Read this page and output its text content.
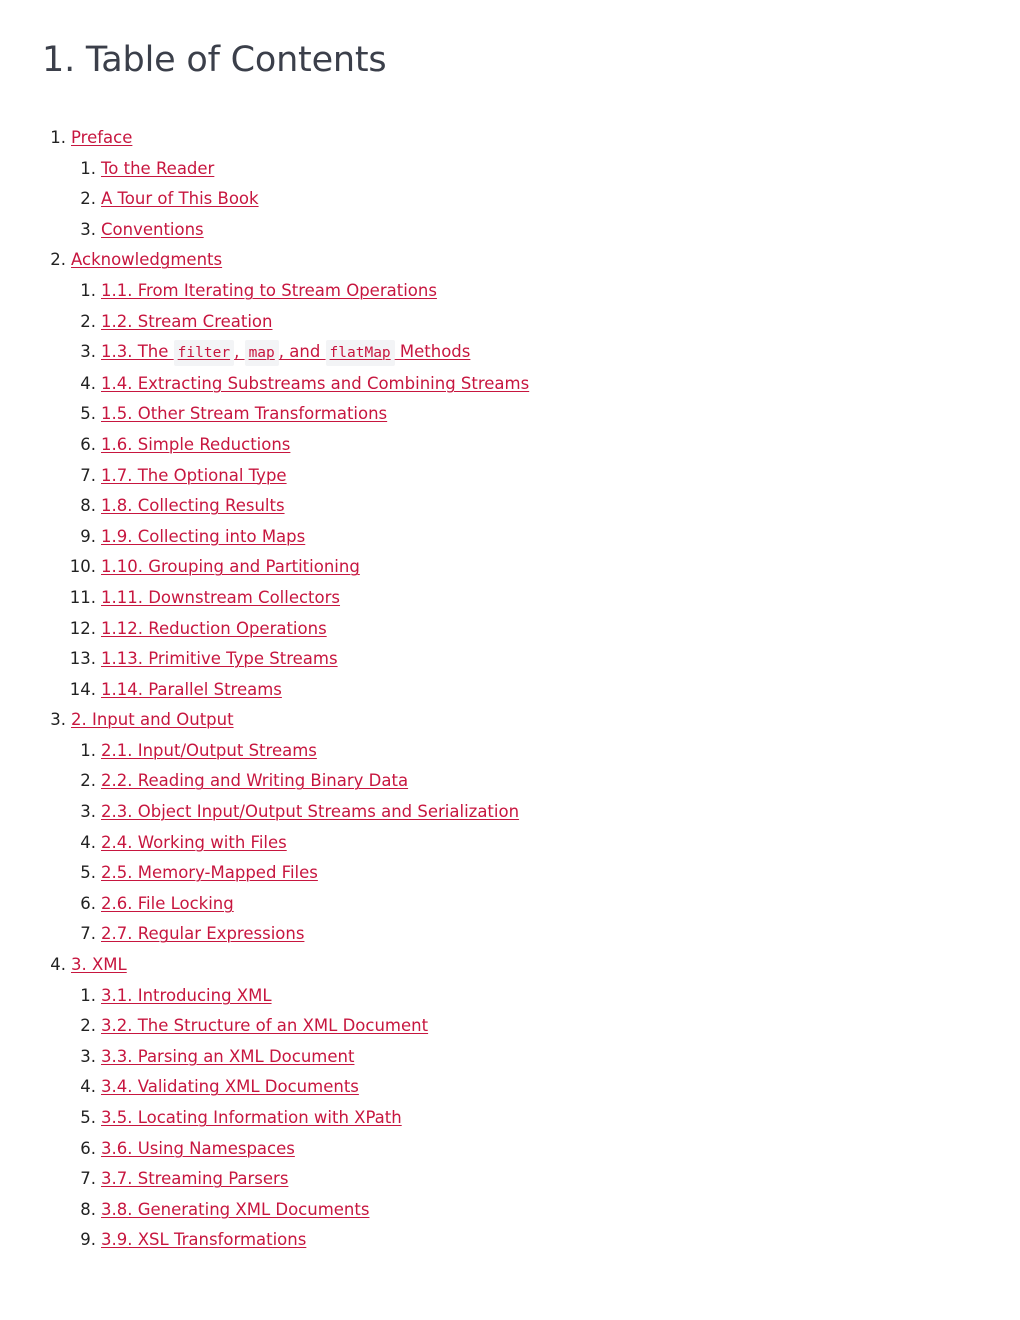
1. Table of Contents
1. Preface
1. To the Reader
2. A Tour of This Book
3. Conventions
2. Acknowledgments
1. 1.1. From Iterating to Stream Operations
2. 1.2. Stream Creation
3. 1.3. The filter , map , and flatMap Methods
4. 1.4. Extracting Substreams and Combining Streams
5. 1.5. Other Stream Transformations
6. 1.6. Simple Reductions
7. 1.7. The Optional Type
8. 1.8. Collecting Results
9. 1.9. Collecting into Maps
10. 1.10. Grouping and Partitioning
11. 1.11. Downstream Collectors
12. 1.12. Reduction Operations
13. 1.13. Primitive Type Streams
14. 1.14. Parallel Streams
3. 2. Input and Output
1. 2.1. Input/Output Streams
2. 2.2. Reading and Writing Binary Data
3. 2.3. Object Input/Output Streams and Serialization
4. 2.4. Working with Files
5. 2.5. Memory-Mapped Files
6. 2.6. File Locking
7. 2.7. Regular Expressions
4. 3. XML
1. 3.1. Introducing XML
2. 3.2. The Structure of an XML Document
3. 3.3. Parsing an XML Document
4. 3.4. Validating XML Documents
5. 3.5. Locating Information with XPath
6. 3.6. Using Namespaces
7. 3.7. Streaming Parsers
8. 3.8. Generating XML Documents
9. 3.9. XSL Transformations
